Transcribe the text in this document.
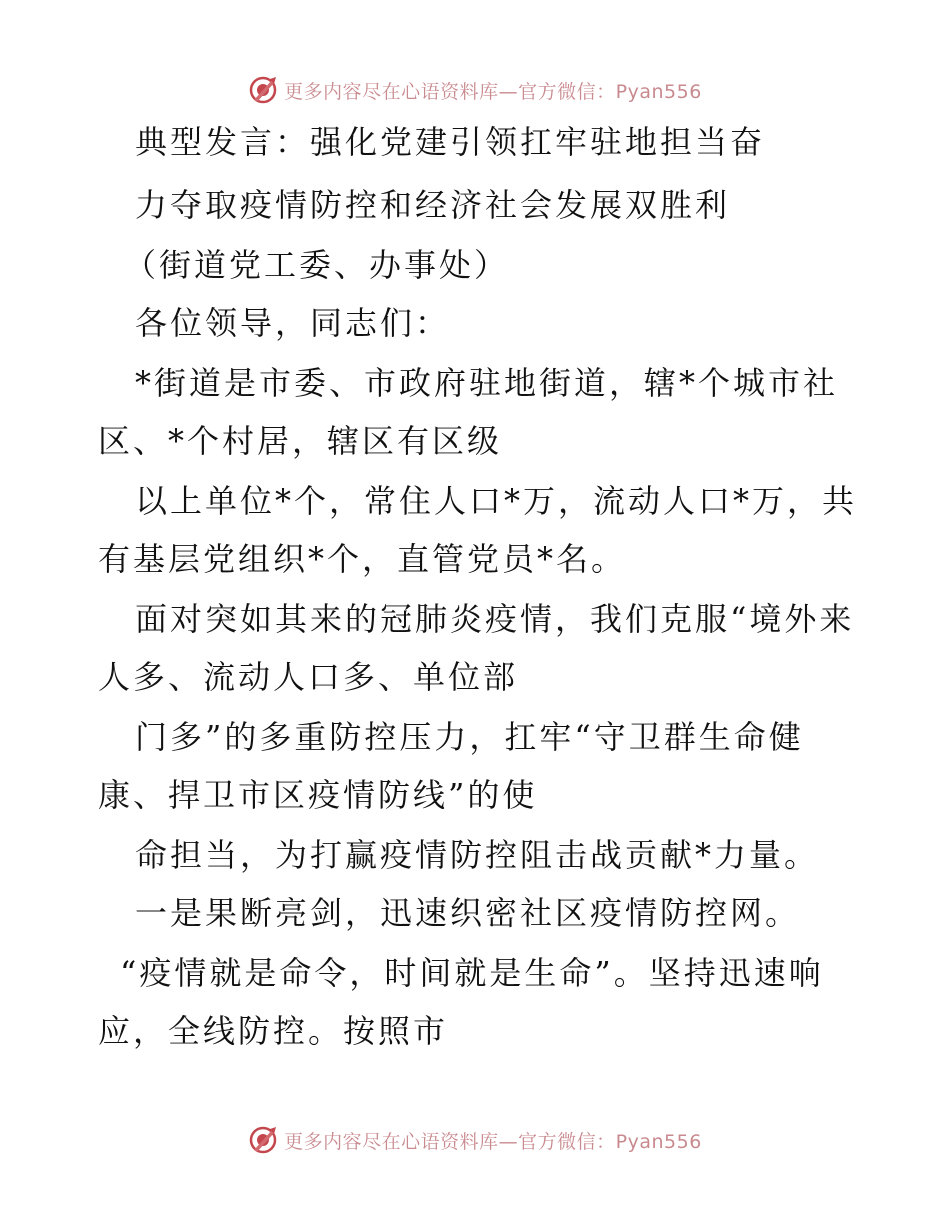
更多内容尽在心语资料库—官方微信：Pyan556
典型发言：强化党建引领扛牢驻地担当奋
力夺取疫情防控和经济社会发展双胜利
（街道党工委、办事处）
各位领导，同志们：
*街道是市委、市政府驻地街道，辖*个城市社
区、*个村居，辖区有区级
以上单位*个，常住人口*万，流动人口*万，共
有基层党组织*个，直管党员*名。
面对突如其来的冠肺炎疫情，我们克服“境外来
人多、流动人口多、单位部
门多”的多重防控压力，扛牢“守卫群生命健
康、捍卫市区疫情防线”的使
命担当，为打赢疫情防控阻击战贡献*力量。
一是果断亮剑，迅速织密社区疫情防控网。
“疫情就是命令，时间就是生命”。坚持迅速响
应，全线防控。按照市
更多内容尽在心语资料库—官方微信：Pyan556
